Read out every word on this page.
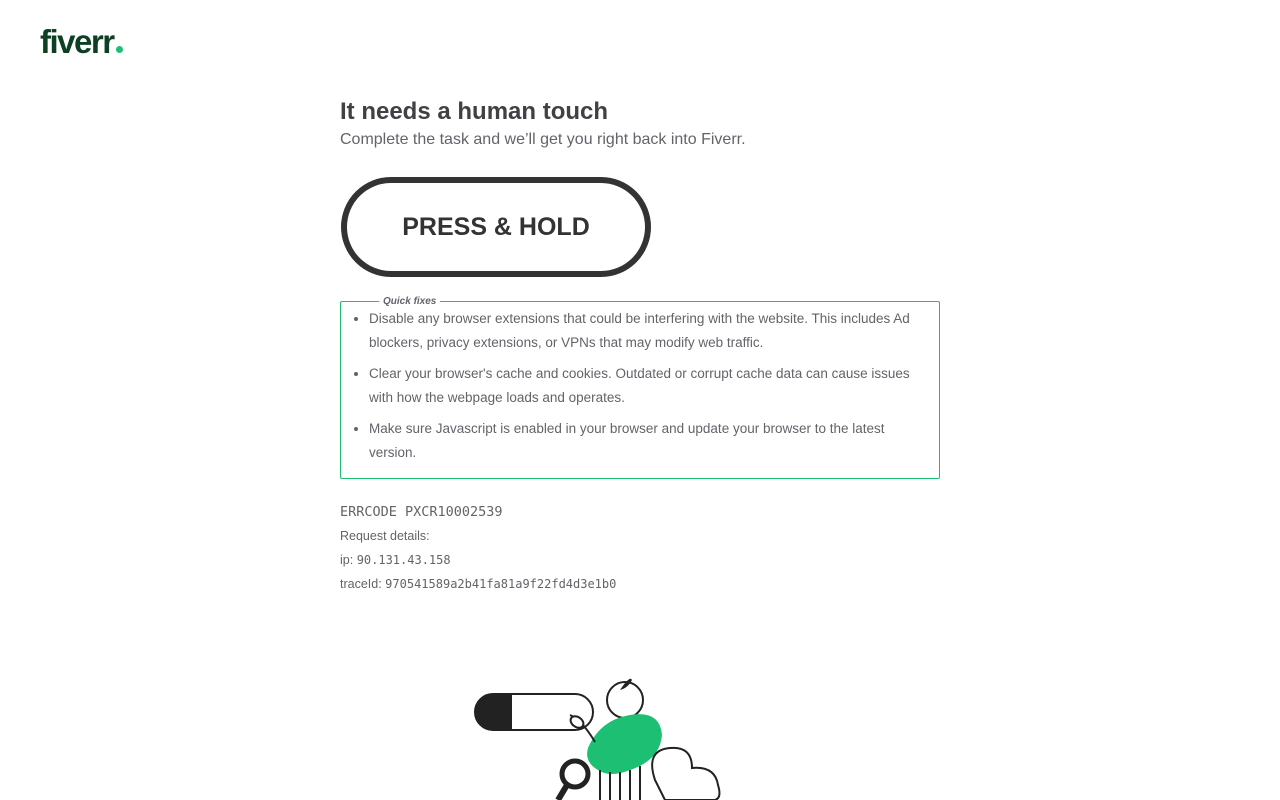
fiverr
It needs a human touch

Complete the task and we’ll get you right back into Fiverr.

PRESS & HOLD
Quick fixes
• Disable any browser extensions that could be interfering with the website. This includes Ad blockers, privacy extensions, or VPNs that may modify web traffic.
• Clear your browser's cache and cookies. Outdated or corrupt cache data can cause issues with how the webpage loads and operates.
• Make sure Javascript is enabled in your browser and update your browser to the latest version.
ERRCODE PXCR10002539
Request details:
ip: 90.131.43.158
traceId: 970541589a2b41fa81a9f22fd4d3e1b0
